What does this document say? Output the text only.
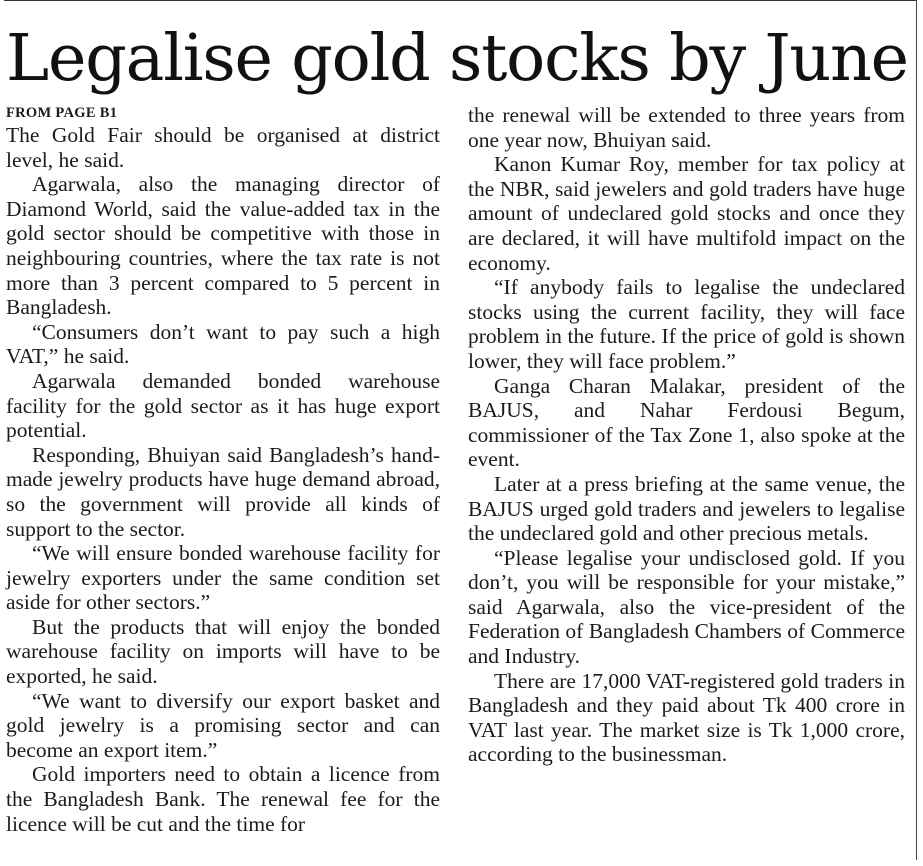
Legalise gold stocks by June
FROM PAGE B1

The Gold Fair should be organised at district level, he said.

Agarwala, also the managing director of Diamond World, said the value-added tax in the gold sector should be competitive with those in neighbouring countries, where the tax rate is not more than 3 percent compared to 5 percent in Bangladesh.

“Consumers don’t want to pay such a high VAT,” he said.

Agarwala demanded bonded warehouse facility for the gold sector as it has huge export potential.

Responding, Bhuiyan said Bangladesh’s hand-made jewelry products have huge demand abroad, so the government will provide all kinds of support to the sector.

“We will ensure bonded warehouse facility for jewelry exporters under the same condition set aside for other sectors.”

But the products that will enjoy the bonded warehouse facility on imports will have to be exported, he said.

“We want to diversify our export basket and gold jewelry is a promising sector and can become an export item.”

Gold importers need to obtain a licence from the Bangladesh Bank. The renewal fee for the licence will be cut and the time for

the renewal will be extended to three years from one year now, Bhuiyan said.

Kanon Kumar Roy, member for tax policy at the NBR, said jewelers and gold traders have huge amount of undeclared gold stocks and once they are declared, it will have multifold impact on the economy.

“If anybody fails to legalise the undeclared stocks using the current facility, they will face problem in the future. If the price of gold is shown lower, they will face problem.”

Ganga Charan Malakar, president of the BAJUS, and Nahar Ferdousi Begum, commissioner of the Tax Zone 1, also spoke at the event.

Later at a press briefing at the same venue, the BAJUS urged gold traders and jewelers to legalise the undeclared gold and other precious metals.

“Please legalise your undisclosed gold. If you don’t, you will be responsible for your mistake,” said Agarwala, also the vice-president of the Federation of Bangladesh Chambers of Commerce and Industry.

There are 17,000 VAT-registered gold traders in Bangladesh and they paid about Tk 400 crore in VAT last year. The market size is Tk 1,000 crore, according to the businessman.
